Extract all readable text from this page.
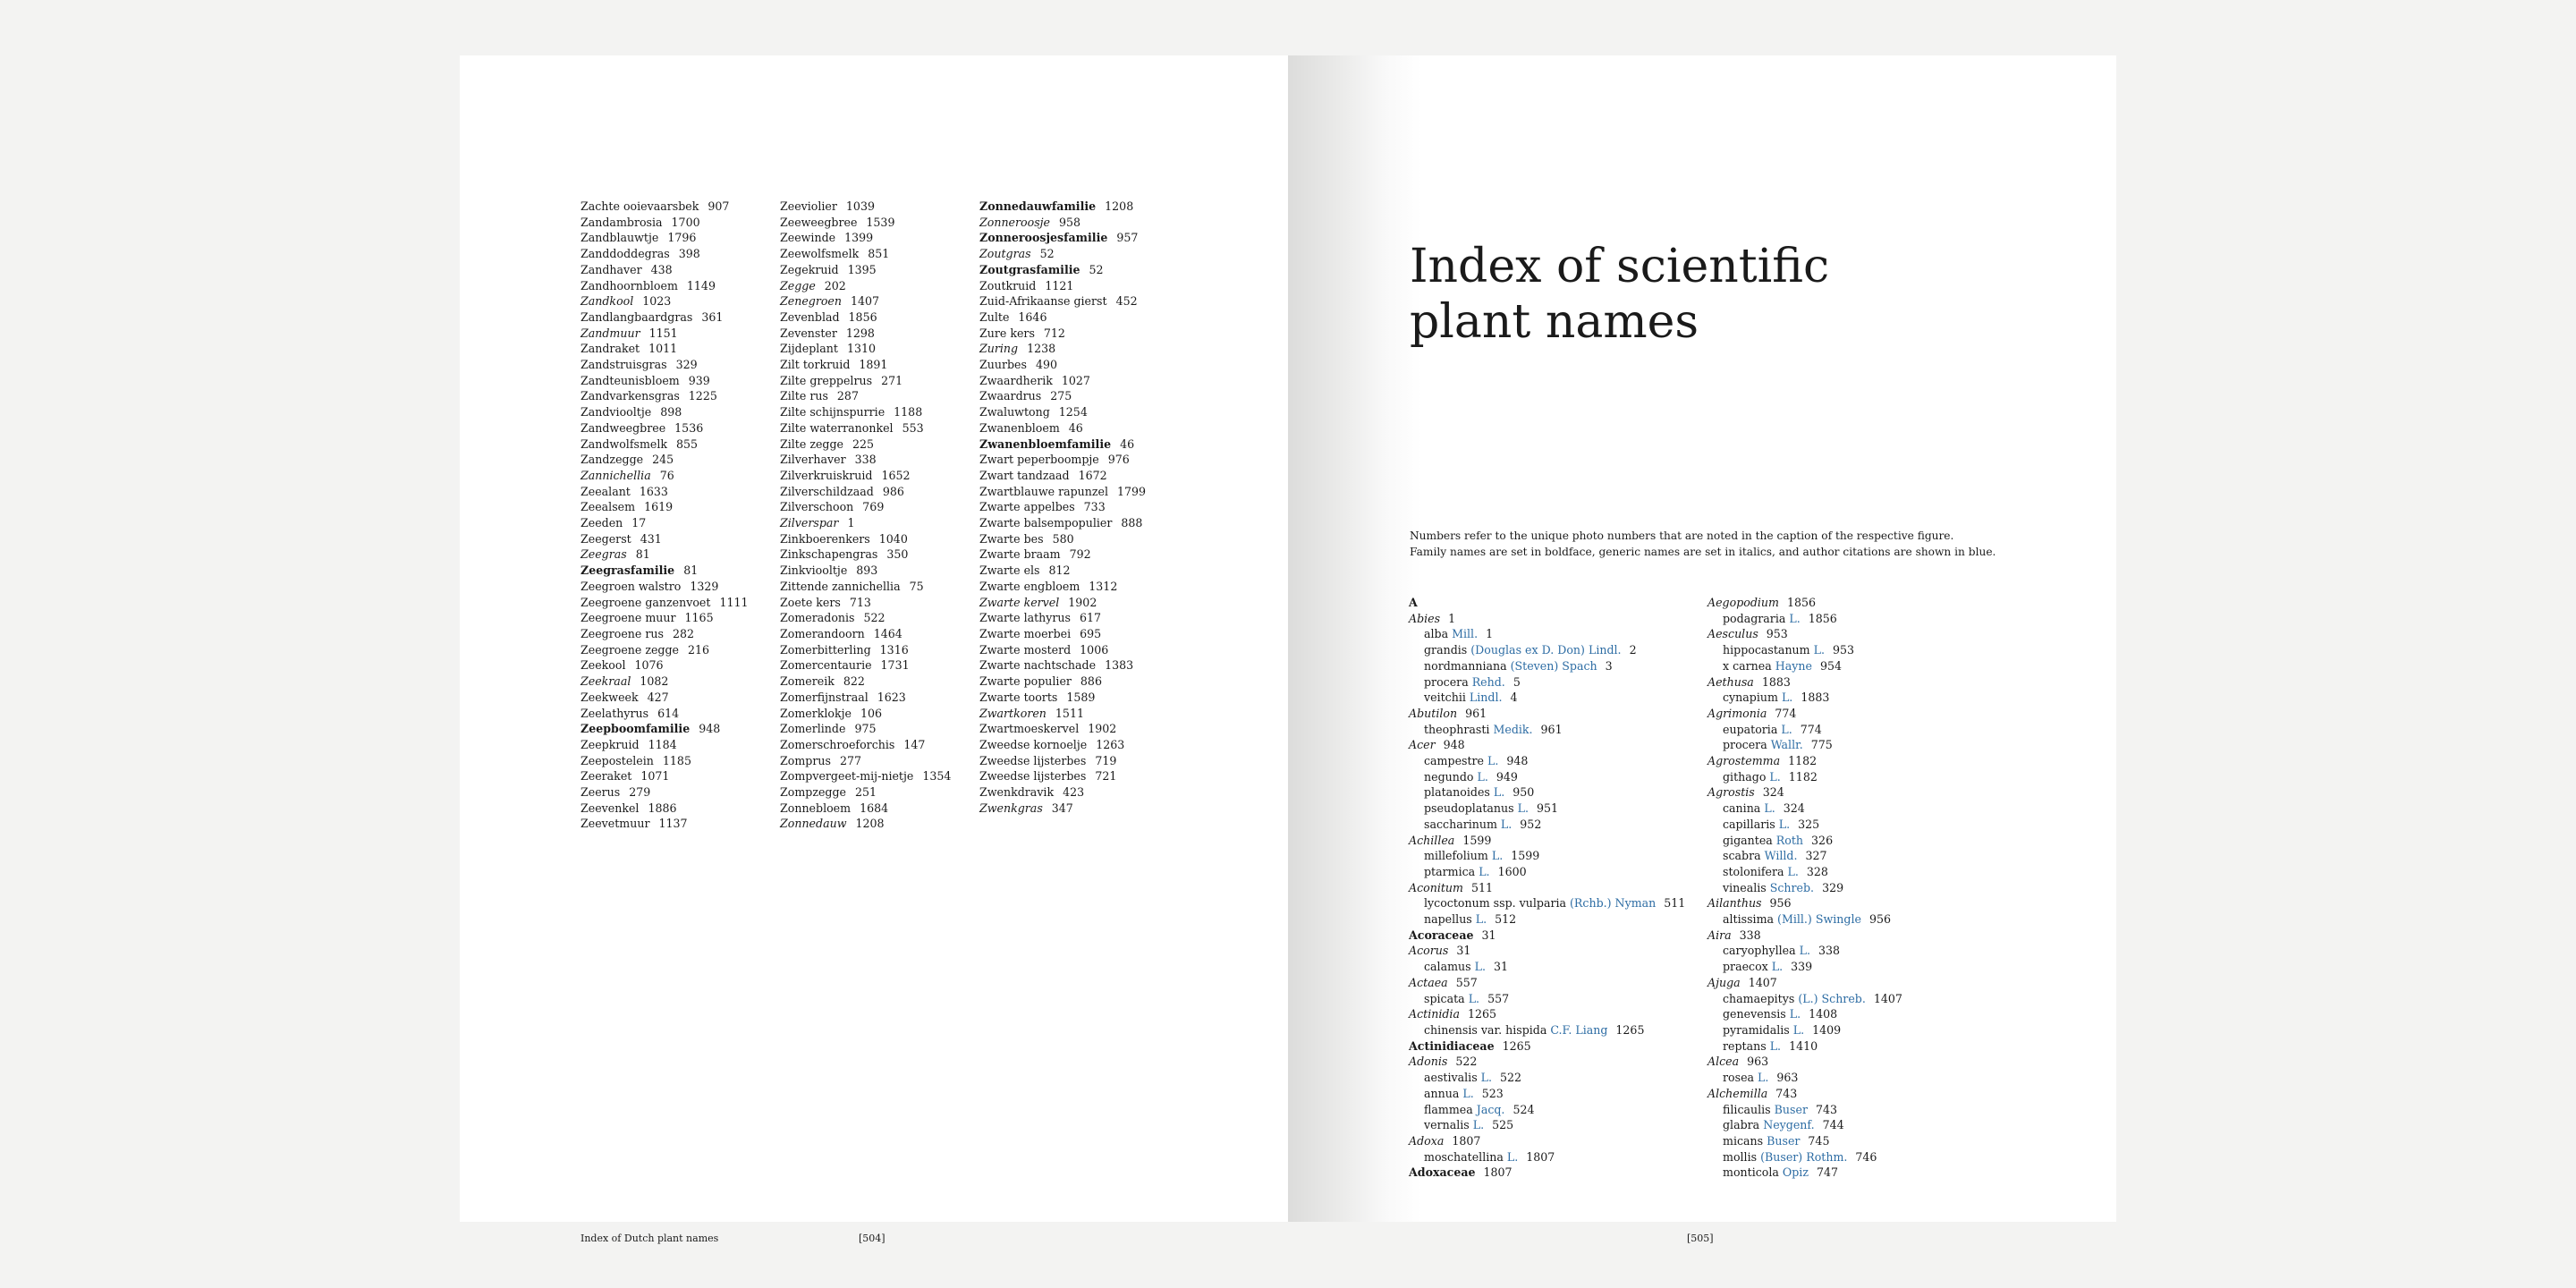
Zachte ooievaarsbek 907
Zandambrosia 1700
Zandblauwtje 1796
Zanddoddegras 398
Zandhaver 438
Zandhoornbloem 1149
Zandkool 1023
Zandlangbaardgras 361
Zandmuur 1151
Zandraket 1011
Zandstruisgras 329
Zandteunisbloem 939
Zandvarkensgras 1225
Zandviooltje 898
Zandweegbree 1536
Zandwolfsmelk 855
Zandzegge 245
Zannichellia 76
Zeealant 1633
Zeealsem 1619
Zeeden 17
Zeegerst 431
Zeegras 81
Zeegrasfamilie 81
Zeegroen walstro 1329
Zeegroene ganzenvoet 1111
Zeegroene muur 1165
Zeegroene rus 282
Zeegroene zegge 216
Zeekool 1076
Zeekraal 1082
Zeekweek 427
Zeelathyrus 614
Zeepboomfamilie 948
Zeepkruid 1184
Zeepostelein 1185
Zeeraket 1071
Zeerus 279
Zeevenkel 1886
Zeevetmuur 1137
Zeeviolier 1039
Zeeweegbree 1539
Zeewinde 1399
Zeewolfsmelk 851
Zegekruid 1395
Zegge 202
Zenegroen 1407
Zevenblad 1856
Zevenster 1298
Zijdeplant 1310
Zilt torkruid 1891
Zilte greppelrus 271
Zilte rus 287
Zilte schijnspurrie 1188
Zilte waterranonkel 553
Zilte zegge 225
Zilverhaver 338
Zilverkruiskruid 1652
Zilverschildzaad 986
Zilverschoon 769
Zilverspar 1
Zinkboerenkers 1040
Zinkschapengras 350
Zinkviooltje 893
Zittende zannichellia 75
Zoete kers 713
Zomeradonis 522
Zomerandoorn 1464
Zomerbitterling 1316
Zomercentaurie 1731
Zomereik 822
Zomerfijnstraal 1623
Zomerklokje 106
Zomerlinde 975
Zomerschroeforchis 147
Zomprus 277
Zompvergeet-mij-nietje 1354
Zompzegge 251
Zonnebloem 1684
Zonnedauw 1208
Zonnedauwfamilie 1208
Zonneroosje 958
Zonneroosjesfamilie 957
Zoutgras 52
Zoutgrasfamilie 52
Zoutkruid 1121
Zuid-Afrikaanse gierst 452
Zulte 1646
Zure kers 712
Zuring 1238
Zuurbes 490
Zwaardherik 1027
Zwaardrus 275
Zwaluwtong 1254
Zwanenbloem 46
Zwanenbloemfamilie 46
Zwart peperboompje 976
Zwart tandzaad 1672
Zwartblauwe rapunzel 1799
Zwarte appelbes 733
Zwarte balsempopulier 888
Zwarte bes 580
Zwarte braam 792
Zwarte els 812
Zwarte engbloem 1312
Zwarte kervel 1902
Zwarte lathyrus 617
Zwarte moerbei 695
Zwarte mosterd 1006
Zwarte nachtschade 1383
Zwarte populier 886
Zwarte toorts 1589
Zwartkoren 1511
Zwartmoeskervel 1902
Zweedse kornoelje 1263
Zweedse lijsterbes 719
Zweedse lijsterbes 721
Zwenkdravik 423
Zwenkgras 347
Index of Dutch plant names	[504]
Index of scientific
plant names
Numbers refer to the unique photo numbers that are noted in the caption of the respective figure.
Family names are set in boldface, generic names are set in italics, and author citations are shown in blue.
A
Abies 1
alba Mill. 1
grandis (Douglas ex D. Don) Lindl. 2
nordmanniana (Steven) Spach 3
procera Rehd. 5
veitchii Lindl. 4
Abutilon 961
theophrasti Medik. 961
Acer 948
campestre L. 948
negundo L. 949
platanoides L. 950
pseudoplatanus L. 951
saccharinum L. 952
Achillea 1599
millefolium L. 1599
ptarmica L. 1600
Aconitum 511
lycoctonum ssp. vulparia (Rchb.) Nyman 511
napellus L. 512
Acoraceae 31
Acorus 31
calamus L. 31
Actaea 557
spicata L. 557
Actinidia 1265
chinensis var. hispida C.F. Liang 1265
Actinidiaceae 1265
Adonis 522
aestivalis L. 522
annua L. 523
flammea Jacq. 524
vernalis L. 525
Adoxa 1807
moschatellina L. 1807
Adoxaceae 1807
Aegopodium 1856
podagraria L. 1856
Aesculus 953
hippocastanum L. 953
x carnea Hayne 954
Aethusa 1883
cynapium L. 1883
Agrimonia 774
eupatoria L. 774
procera Wallr. 775
Agrostemma 1182
githago L. 1182
Agrostis 324
canina L. 324
capillaris L. 325
gigantea Roth 326
scabra Willd. 327
stolonifera L. 328
vinealis Schreb. 329
Ailanthus 956
altissima (Mill.) Swingle 956
Aira 338
caryophyllea L. 338
praecox L. 339
Ajuga 1407
chamaepitys (L.) Schreb. 1407
genevensis L. 1408
pyramidalis L. 1409
reptans L. 1410
Alcea 963
rosea L. 963
Alchemilla 743
filicaulis Buser 743
glabra Neygenf. 744
micans Buser 745
mollis (Buser) Rothm. 746
monticola Opiz 747
[505]
